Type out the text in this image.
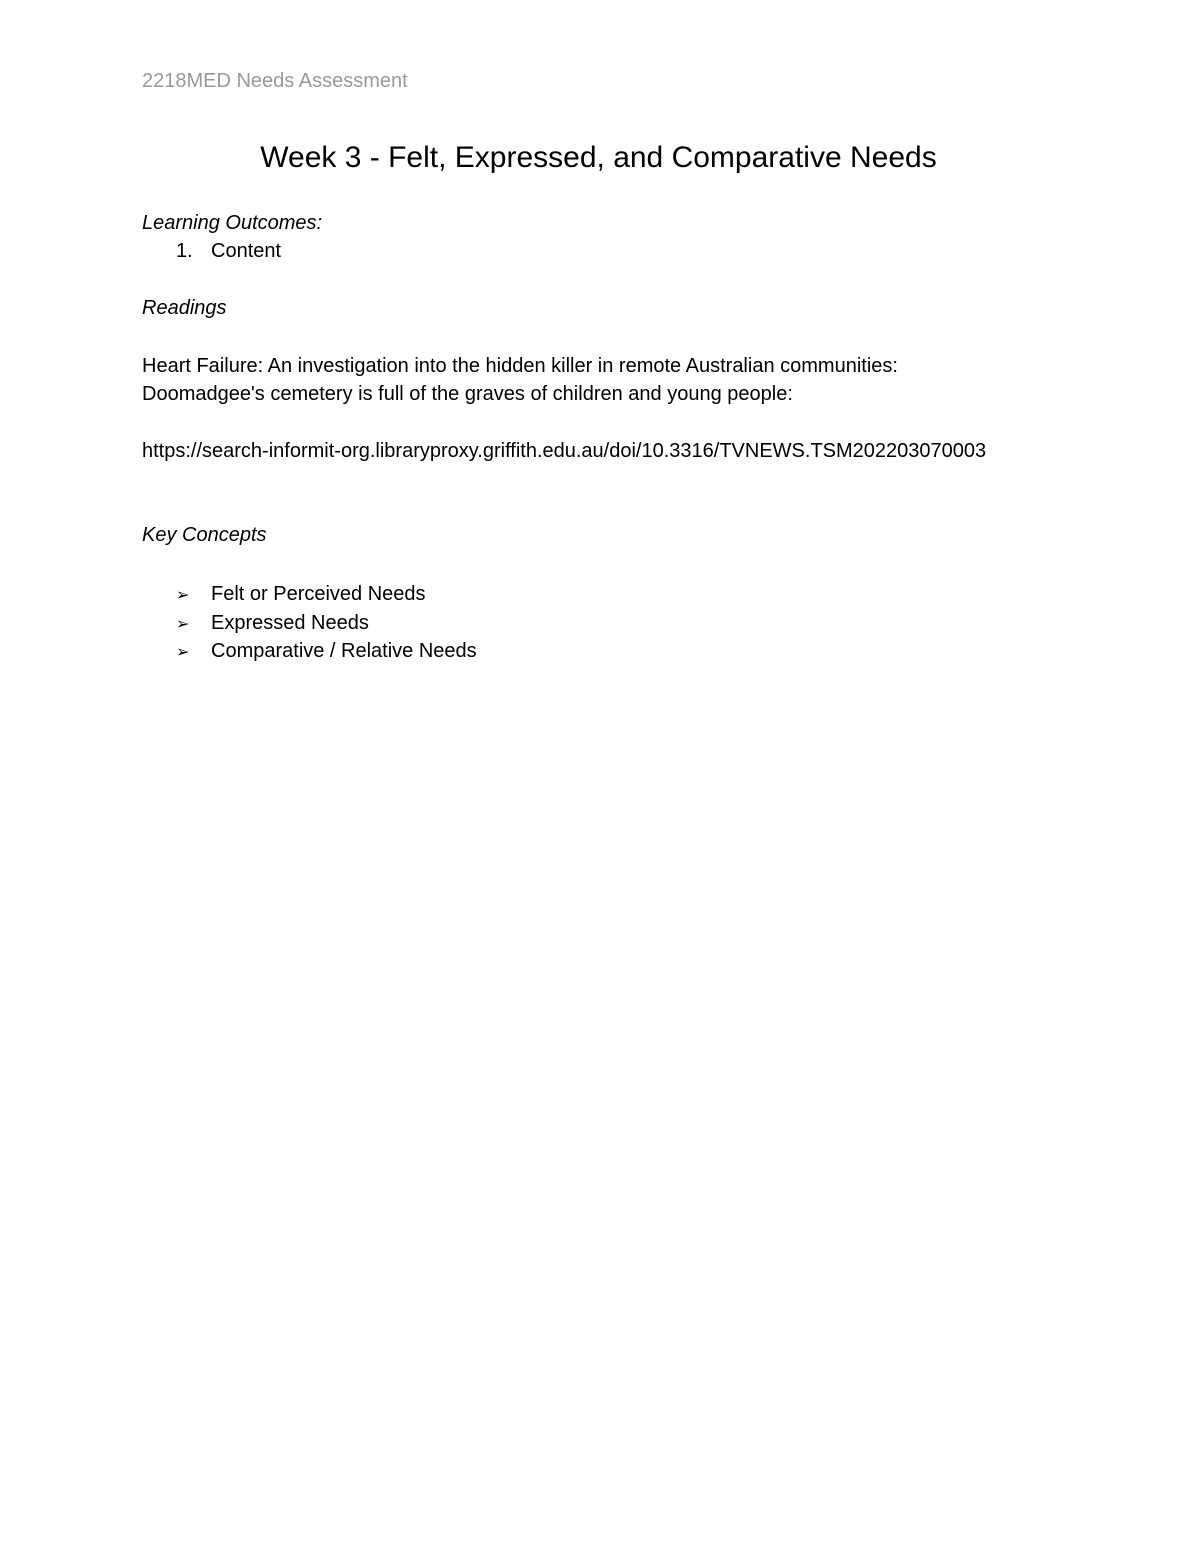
2218MED Needs Assessment
Week 3 - Felt, Expressed, and Comparative Needs
Learning Outcomes:
1. Content
Readings
Heart Failure: An investigation into the hidden killer in remote Australian communities:
Doomadgee's cemetery is full of the graves of children and young people:
https://search-informit-org.libraryproxy.griffith.edu.au/doi/10.3316/TVNEWS.TSM202203070003
Key Concepts
➢ Felt or Perceived Needs
➢ Expressed Needs
➢ Comparative / Relative Needs
